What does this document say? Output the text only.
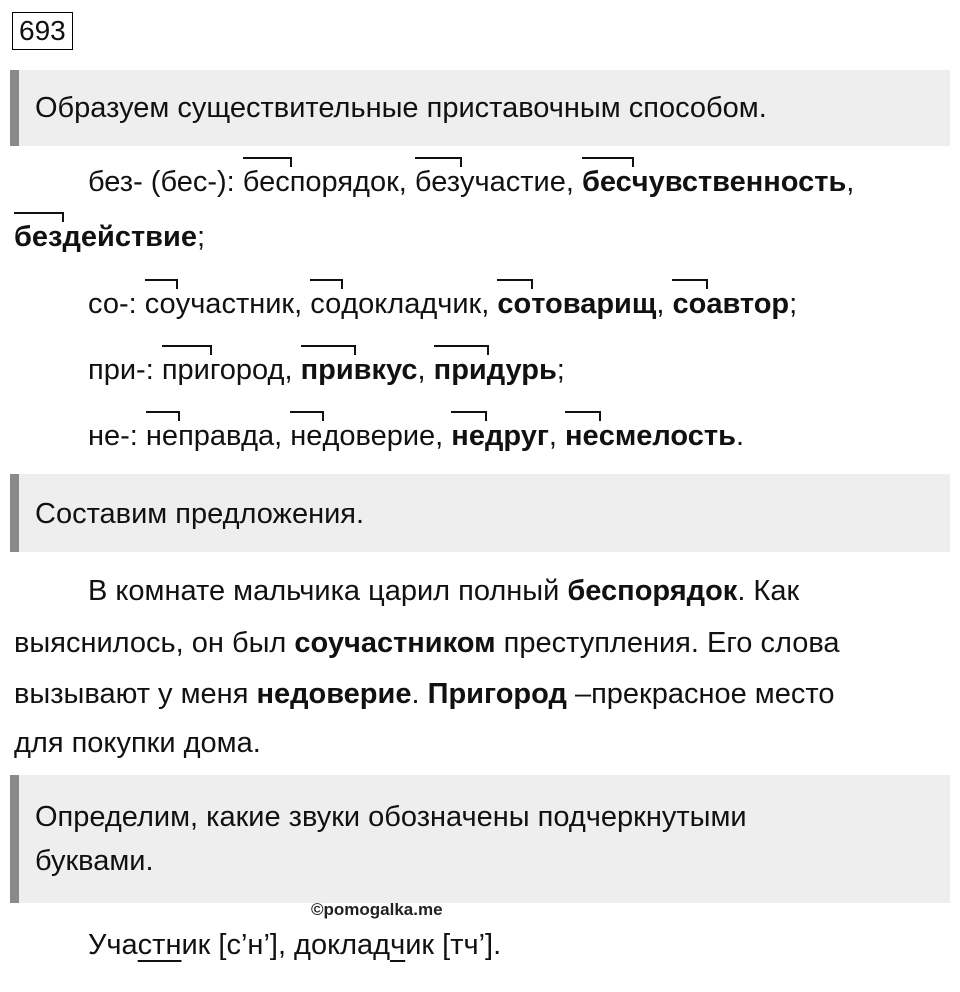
693
Образуем существительные приставочным способом.
без- (бес-): беспорядок, безучастие, бесчувственность,
бездействие;
со-: соучастник, содокладчик, сотоварищ, соавтор;
при-: пригород, привкус, придурь;
не-: неправда, недоверие, недруг, несмелость.
Составим предложения.
В комнате мальчика царил полный беспорядок. Как
выяснилось, он был соучастником преступления. Его слова
вызывают у меня недоверие. Пригород –прекрасное место
для покупки дома.
Определим, какие звуки обозначены подчеркнутыми
буквами.
©pomogalka.me
Участник [с’н’], докладчик [тч’].
